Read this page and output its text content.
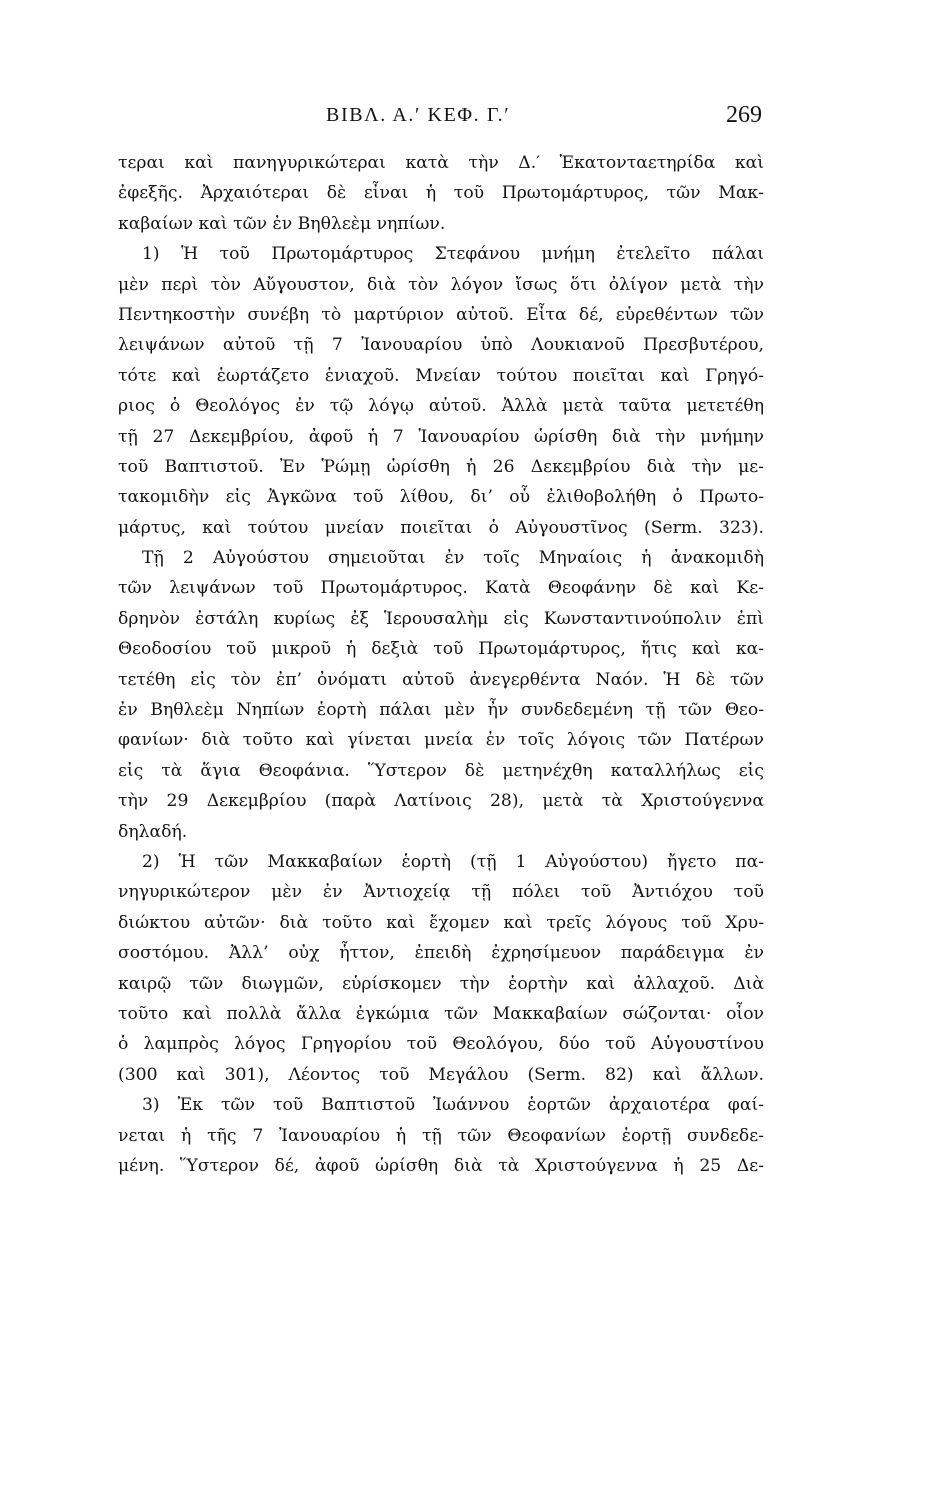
ΒΙΒΛ. Α.′ ΚΕΦ. Γ.′	269
τεραι καὶ πανηγυρικώτεραι κατὰ τὴν Δ.′ Ἑκατονταετηρίδα καὶ
ἐφεξῆς. Ἀρχαιότεραι δὲ εἶναι ἡ τοῦ Πρωτομάρτυρος, τῶν Μακ-
καβαίων καὶ τῶν ἐν Βηθλεὲμ νηπίων.
1) Ἡ τοῦ Πρωτομάρτυρος Στεφάνου μνήμη ἐτελεῖτο πάλαι
μὲν περὶ τὸν Αὔγουστον, διὰ τὸν λόγον ἴσως ὅτι ὀλίγον μετὰ τὴν
Πεντηκοστὴν συνέβη τὸ μαρτύριον αὐτοῦ. Εἶτα δέ, εὑρεθέντων τῶν
λειψάνων αὐτοῦ τῇ 7 Ἰανουαρίου ὑπὸ Λουκιανοῦ Πρεσβυτέρου,
τότε καὶ ἑωρτάζετο ἑνιαχοῦ. Μνείαν τούτου ποιεῖται καὶ Γρηγό-
ριος ὁ Θεολόγος ἐν τῷ λόγῳ αὐτοῦ. Ἀλλὰ μετὰ ταῦτα μετετέθη
τῇ 27 Δεκεμβρίου, ἀφοῦ ἡ 7 Ἰανουαρίου ὡρίσθη διὰ τὴν μνήμην
τοῦ Βαπτιστοῦ. Ἐν Ῥώμῃ ὡρίσθη ἡ 26 Δεκεμβρίου διὰ τὴν με-
τακομιδὴν εἰς Ἀγκῶνα τοῦ λίθου, δι’ οὗ ἐλιθοβολήθη ὁ Πρωτο-
μάρτυς, καὶ τούτου μνείαν ποιεῖται ὁ Αὐγουστῖνος (Serm. 323).
Τῇ 2 Αὐγούστου σημειοῦται ἐν τοῖς Μηναίοις ἡ ἀνακομιδὴ
τῶν λειψάνων τοῦ Πρωτομάρτυρος. Κατὰ Θεοφάνην δὲ καὶ Κε-
δρηνὸν ἐστάλη κυρίως ἐξ Ἱερουσαλὴμ εἰς Κωνσταντινούπολιν ἐπὶ
Θεοδοσίου τοῦ μικροῦ ἡ δεξιὰ τοῦ Πρωτομάρτυρος, ἥτις καὶ κα-
τετέθη εἰς τὸν ἐπ’ ὀνόματι αὐτοῦ ἀνεγερθέντα Ναόν. Ἡ δὲ τῶν
ἐν Βηθλεὲμ Νηπίων ἑορτὴ πάλαι μὲν ἦν συνδεδεμένη τῇ τῶν Θεο-
φανίων· διὰ τοῦτο καὶ γίνεται μνεία ἐν τοῖς λόγοις τῶν Πατέρων
εἰς τὰ ἅγια Θεοφάνια. Ὕστερον δὲ μετηνέχθη καταλλήλως εἰς
τὴν 29 Δεκεμβρίου (παρὰ Λατίνοις 28), μετὰ τὰ Χριστούγεννα
δηλαδή.
2) Ἡ τῶν Μακκαβαίων ἑορτὴ (τῇ 1 Αὐγούστου) ἤγετο πα-
νηγυρικώτερον μὲν ἐν Ἀντιοχείᾳ τῇ πόλει τοῦ Ἀντιόχου τοῦ
διώκτου αὐτῶν· διὰ τοῦτο καὶ ἔχομεν καὶ τρεῖς λόγους τοῦ Χρυ-
σοστόμου. Ἀλλ’ οὐχ ἧττον, ἐπειδὴ ἐχρησίμευον παράδειγμα ἐν
καιρῷ τῶν διωγμῶν, εὑρίσκομεν τὴν ἑορτὴν καὶ ἀλλαχοῦ. Διὰ
τοῦτο καὶ πολλὰ ἄλλα ἐγκώμια τῶν Μακκαβαίων σώζονται· οἷον
ὁ λαμπρὸς λόγος Γρηγορίου τοῦ Θεολόγου, δύο τοῦ Αὐγουστίνου
(300 καὶ 301), Λέοντος τοῦ Μεγάλου (Serm. 82) καὶ ἄλλων.
3) Ἐκ τῶν τοῦ Βαπτιστοῦ Ἰωάννου ἑορτῶν ἀρχαιοτέρα φαί-
νεται ἡ τῆς 7 Ἰανουαρίου ἡ τῇ τῶν Θεοφανίων ἑορτῇ συνδεδε-
μένη. Ὕστερον δέ, ἀφοῦ ὡρίσθη διὰ τὰ Χριστούγεννα ἡ 25 Δε-
